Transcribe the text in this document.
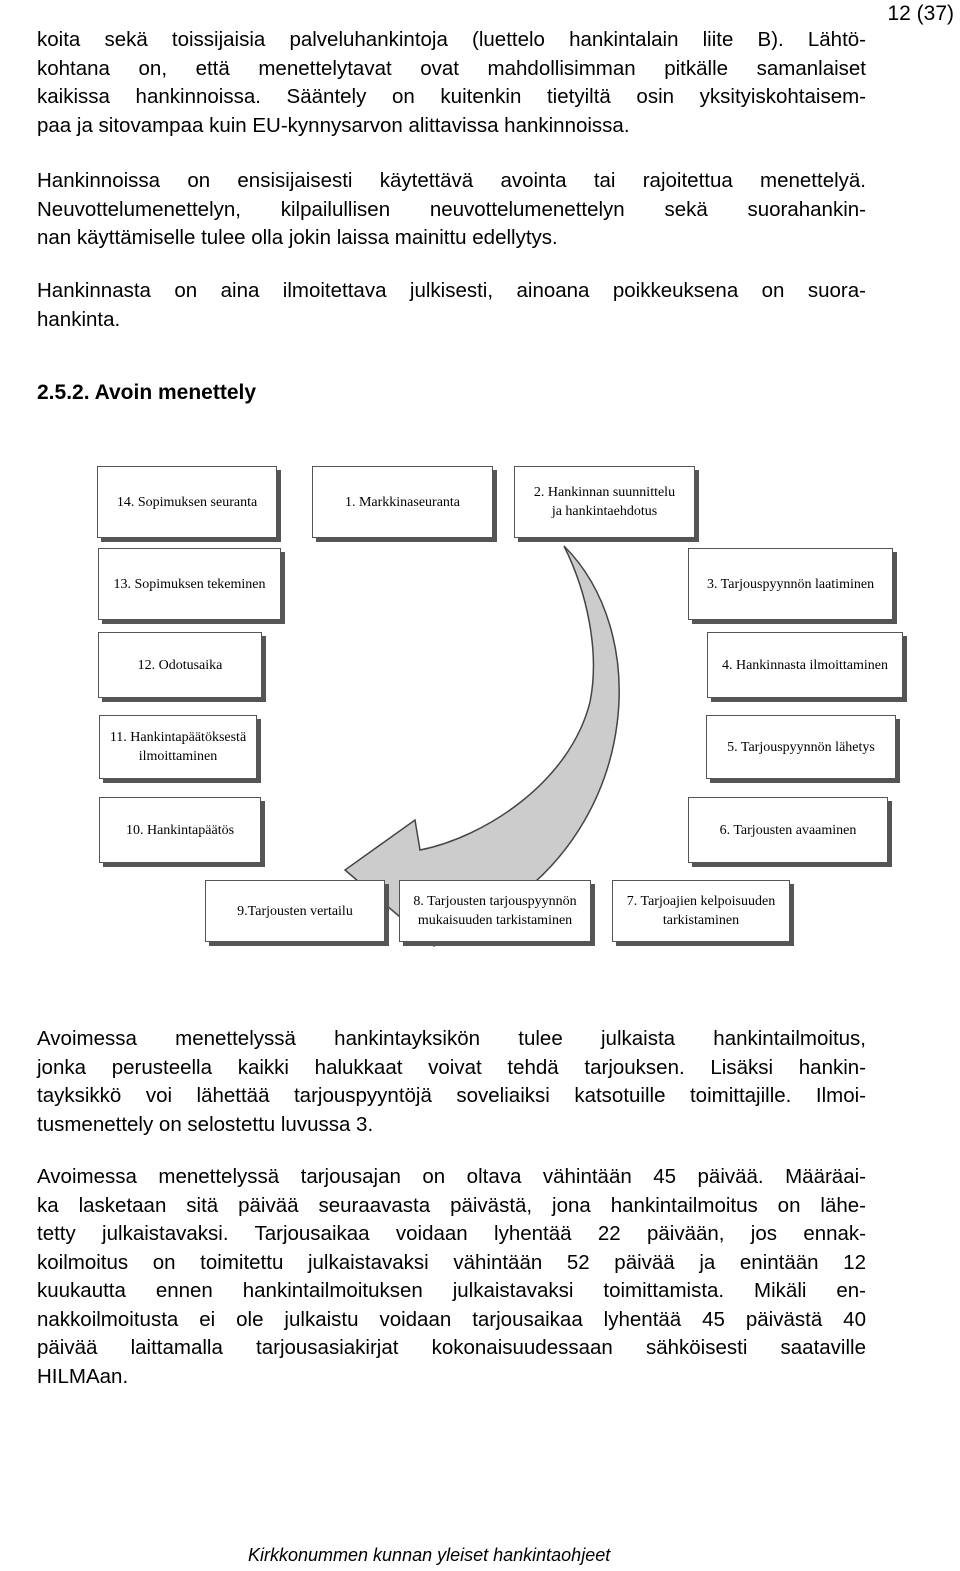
12 (37)
koita sekä toissijaisia palveluhankintoja (luettelo hankintalain liite B). Lähtö-
kohtana on, että menettelytavat ovat mahdollisimman pitkälle samanlaiset
kaikissa hankinnoissa. Sääntely on kuitenkin tietyiltä osin yksityiskohtaisem-
paa ja sitovampaa kuin EU-kynnysarvon alittavissa hankinnoissa.
Hankinnoissa on ensisijaisesti käytettävä avointa tai rajoitettua menettelyä.
Neuvottelumenettelyn, kilpailullisen neuvottelumenettelyn sekä suorahankin-
nan käyttämiselle tulee olla jokin laissa mainittu edellytys.
Hankinnasta on aina ilmoitettava julkisesti, ainoana poikkeuksena on suora-
hankinta.
2.5.2. Avoin menettely
14. Sopimuksen seuranta	1. Markkinaseuranta
2. Hankinnan suunnittelu
ja hankintaehdotus
13. Sopimuksen tekeminen	3. Tarjouspyynnön laatiminen
12. Odotusaika	4. Hankinnasta ilmoittaminen
11. Hankintapäätöksestä
ilmoittaminen
5. Tarjouspyynnön lähetys
10. Hankintapäätös	6. Tarjousten avaaminen
9.Tarjousten vertailu
8. Tarjousten tarjouspyynnön
mukaisuuden tarkistaminen
7. Tarjoajien kelpoisuuden
tarkistaminen
Avoimessa menettelyssä hankintayksikön tulee julkaista hankintailmoitus,
jonka perusteella kaikki halukkaat voivat tehdä tarjouksen. Lisäksi hankin-
tayksikkö voi lähettää tarjouspyyntöjä soveliaiksi katsotuille toimittajille. Ilmoi-
tusmenettely on selostettu luvussa 3.
Avoimessa menettelyssä tarjousajan on oltava vähintään 45 päivää. Määräai-
ka lasketaan sitä päivää seuraavasta päivästä, jona hankintailmoitus on lähe-
tetty julkaistavaksi. Tarjousaikaa voidaan lyhentää 22 päivään, jos ennak-
koilmoitus on toimitettu julkaistavaksi vähintään 52 päivää ja enintään 12
kuukautta ennen hankintailmoituksen julkaistavaksi toimittamista. Mikäli en-
nakkoilmoitusta ei ole julkaistu voidaan tarjousaikaa lyhentää 45 päivästä 40
päivää laittamalla tarjousasiakirjat kokonaisuudessaan sähköisesti saataville
HILMAan.
Kirkkonummen kunnan yleiset hankintaohjeet
